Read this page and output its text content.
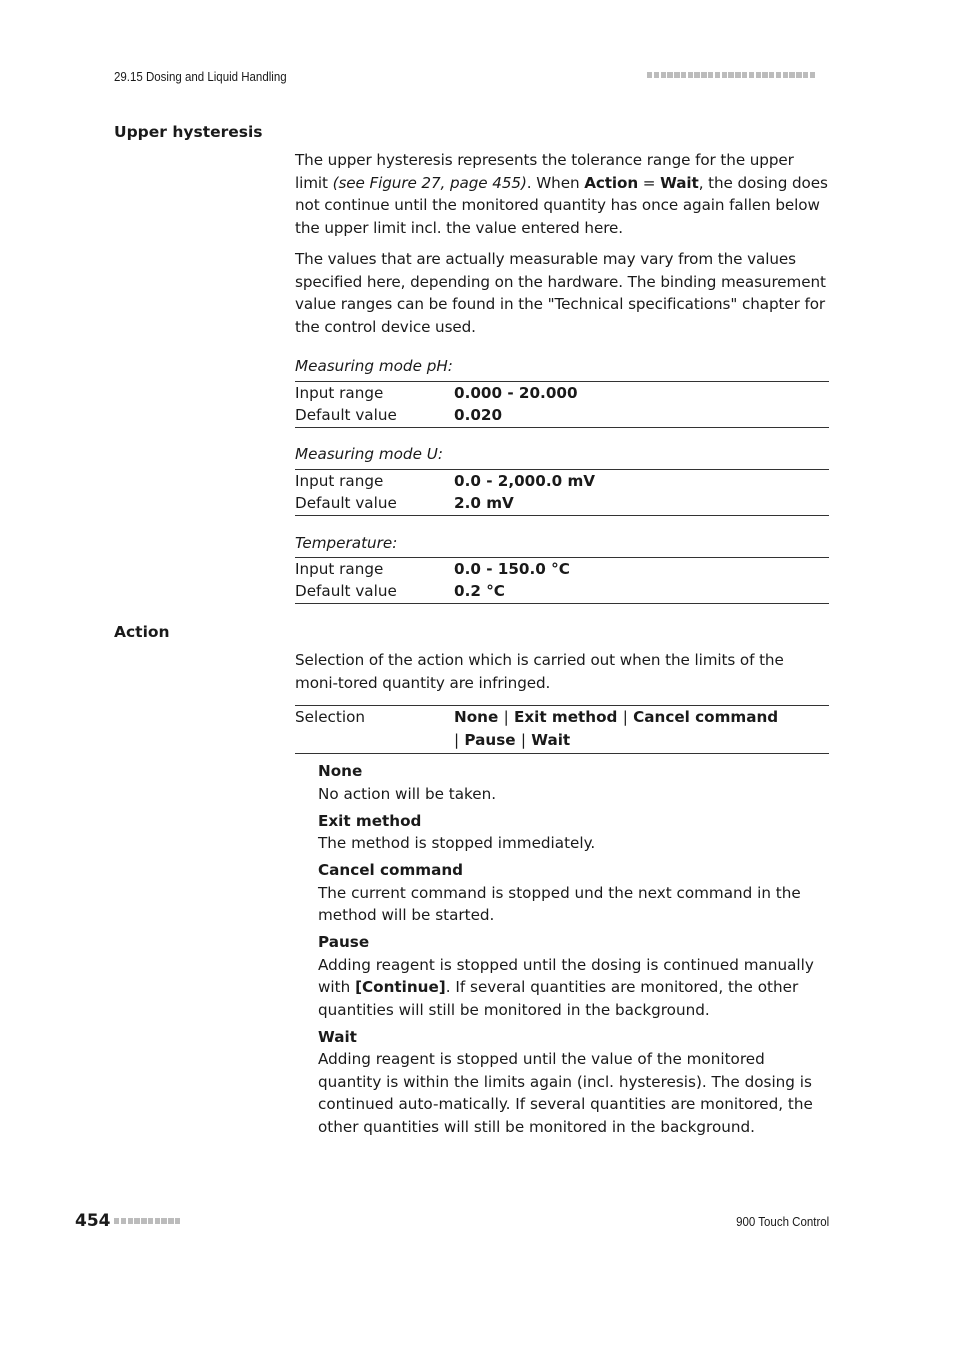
29.15 Dosing and Liquid Handling
Upper hysteresis

The upper hysteresis represents the tolerance range for the upper limit (see Figure 27, page 455). When Action = Wait, the dosing does not continue until the monitored quantity has once again fallen below the upper limit incl. the value entered here.

The values that are actually measurable may vary from the values specified here, depending on the hardware. The binding measurement value ranges can be found in the "Technical specifications" chapter for the control device used.

Measuring mode pH:
Input range	0.000 - 20.000
Default value	0.020
Measuring mode U:
Input range	0.0 - 2,000.0 mV
Default value	2.0 mV
Temperature:
Input range	0.0 - 150.0 °C
Default value	0.2 °C
Action

Selection of the action which is carried out when the limits of the moni-tored quantity are infringed.

Selection	None | Exit method | Cancel command | Pause | Wait
None
No action will be taken.
Exit method
The method is stopped immediately.
Cancel command
The current command is stopped und the next command in the method will be started.
Pause
Adding reagent is stopped until the dosing is continued manually with [Continue]. If several quantities are monitored, the other quantities will still be monitored in the background.
Wait
Adding reagent is stopped until the value of the monitored quantity is within the limits again (incl. hysteresis). The dosing is continued auto-matically. If several quantities are monitored, the other quantities will still be monitored in the background.
454	900 Touch Control
